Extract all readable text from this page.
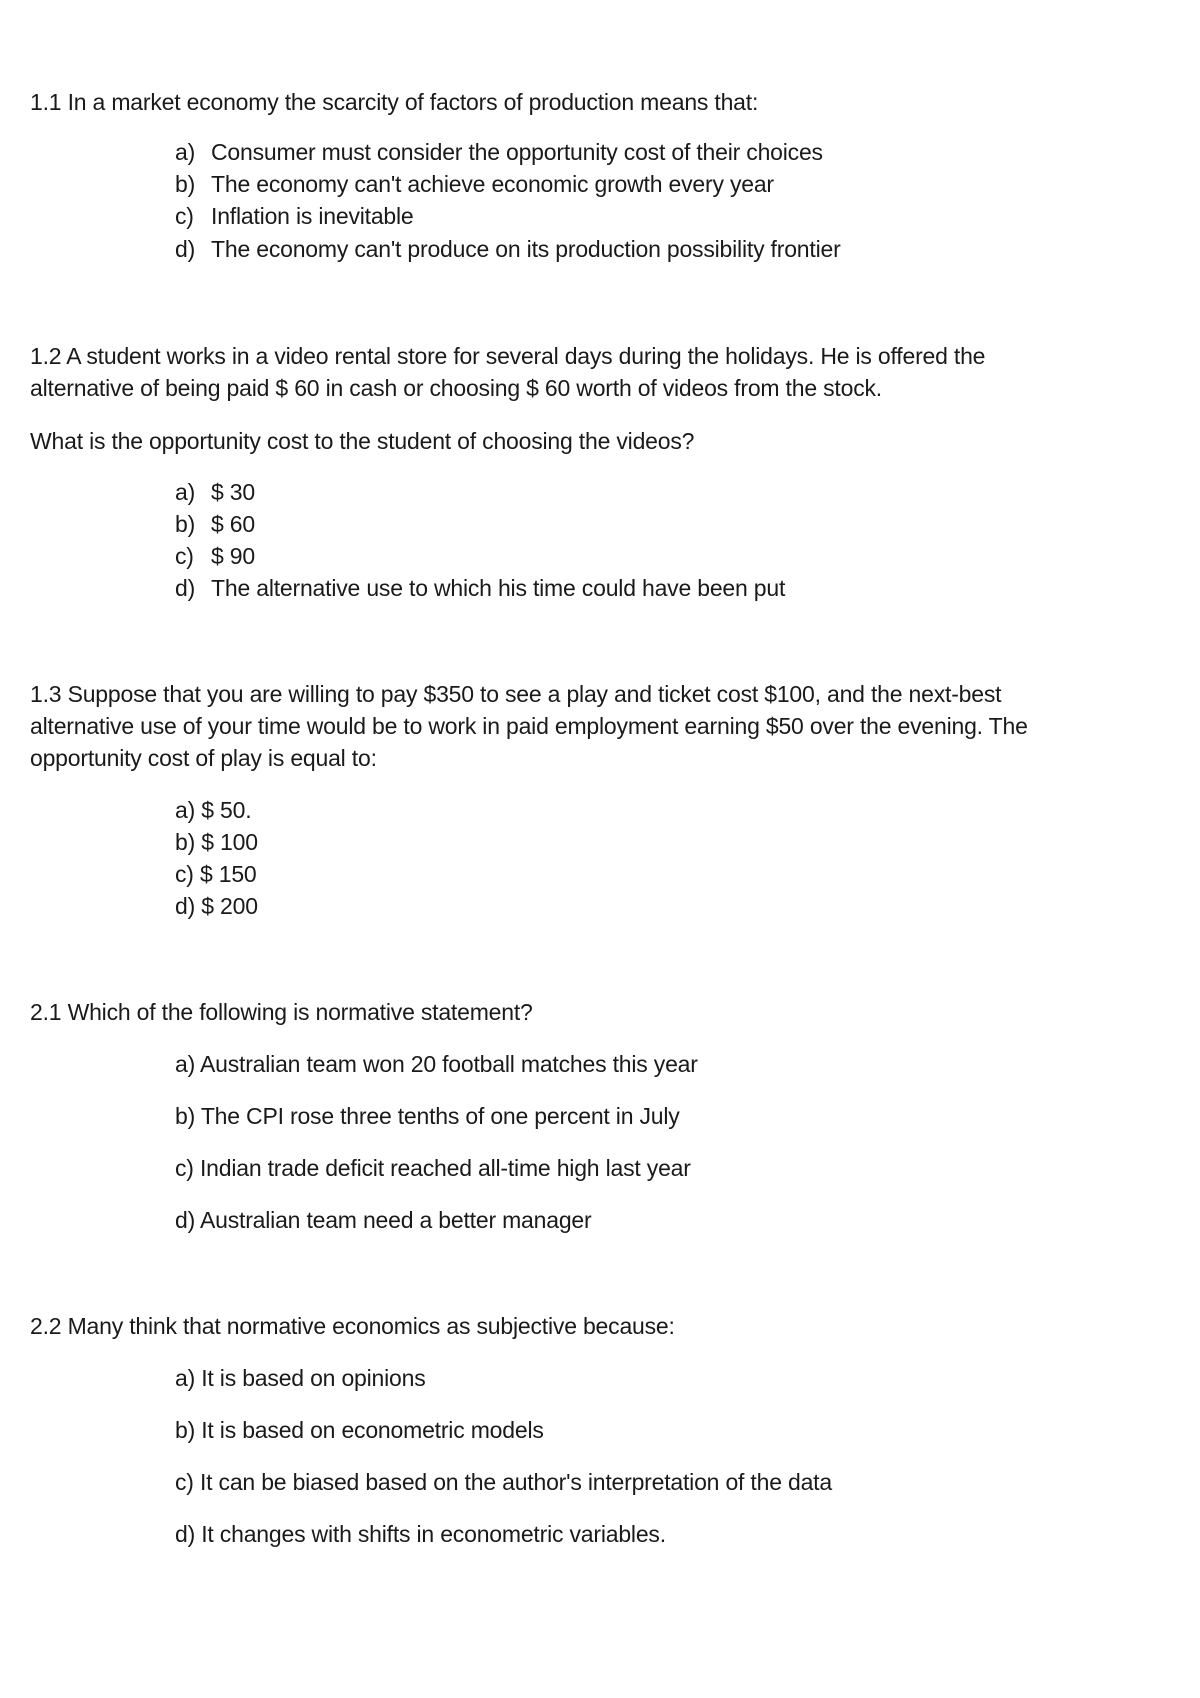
1.1 In a market economy the scarcity of factors of production means that:
a) Consumer must consider the opportunity cost of their choices
b) The economy can't achieve economic growth every year
c) Inflation is inevitable
d) The economy can't produce on its production possibility frontier
1.2 A student works in a video rental store for several days during the holidays. He is offered the
alternative of being paid $ 60 in cash or choosing $ 60 worth of videos from the stock.
What is the opportunity cost to the student of choosing the videos?
a) $ 30
b) $ 60
c) $ 90
d) The alternative use to which his time could have been put
1.3 Suppose that you are willing to pay $350 to see a play and ticket cost $100, and the next-best
alternative use of your time would be to work in paid employment earning $50 over the evening. The
opportunity cost of play is equal to:
a) $ 50.
b) $ 100
c) $ 150
d) $ 200
2.1 Which of the following is normative statement?
a) Australian team won 20 football matches this year
b) The CPI rose three tenths of one percent in July
c) Indian trade deficit reached all-time high last year
d) Australian team need a better manager
2.2 Many think that normative economics as subjective because:
a) It is based on opinions
b) It is based on econometric models
c) It can be biased based on the author's interpretation of the data
d) It changes with shifts in econometric variables.
